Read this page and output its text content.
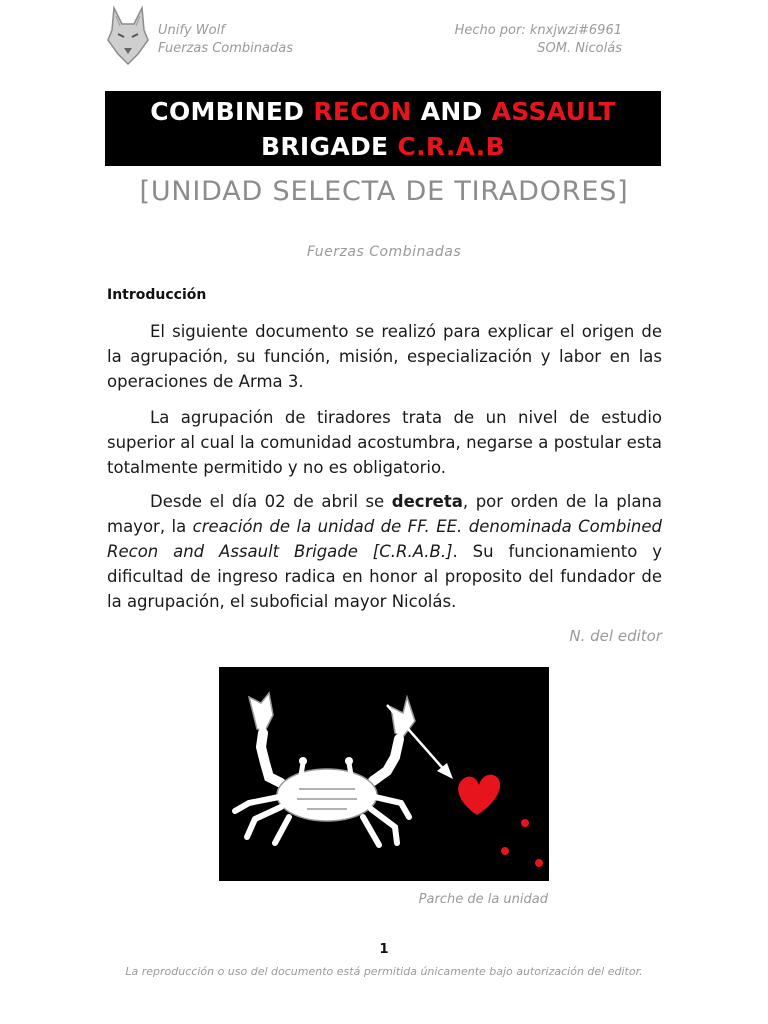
Unify Wolf
Fuerzas Combinadas
Hecho por: knxjwzi#6961
SOM. Nicolás
COMBINED RECON AND ASSAULT
BRIGADE C.R.A.B
[UNIDAD SELECTA DE TIRADORES]
Fuerzas Combinadas
Introducción
El siguiente documento se realizó para explicar el origen de la agrupación, su función, misión, especialización y labor en las operaciones de Arma 3.
La agrupación de tiradores trata de un nivel de estudio superior al cual la comunidad acostumbra, negarse a postular esta totalmente permitido y no es obligatorio.
Desde el día 02 de abril se decreta, por orden de la plana mayor, la creación de la unidad de FF. EE. denominada Combined Recon and Assault Brigade [C.R.A.B.]. Su funcionamiento y dificultad de ingreso radica en honor al proposito del fundador de la agrupación, el suboficial mayor Nicolás.
N. del editor
Parche de la unidad
1
La reproducción o uso del documento está permitida únicamente bajo autorización del editor.
